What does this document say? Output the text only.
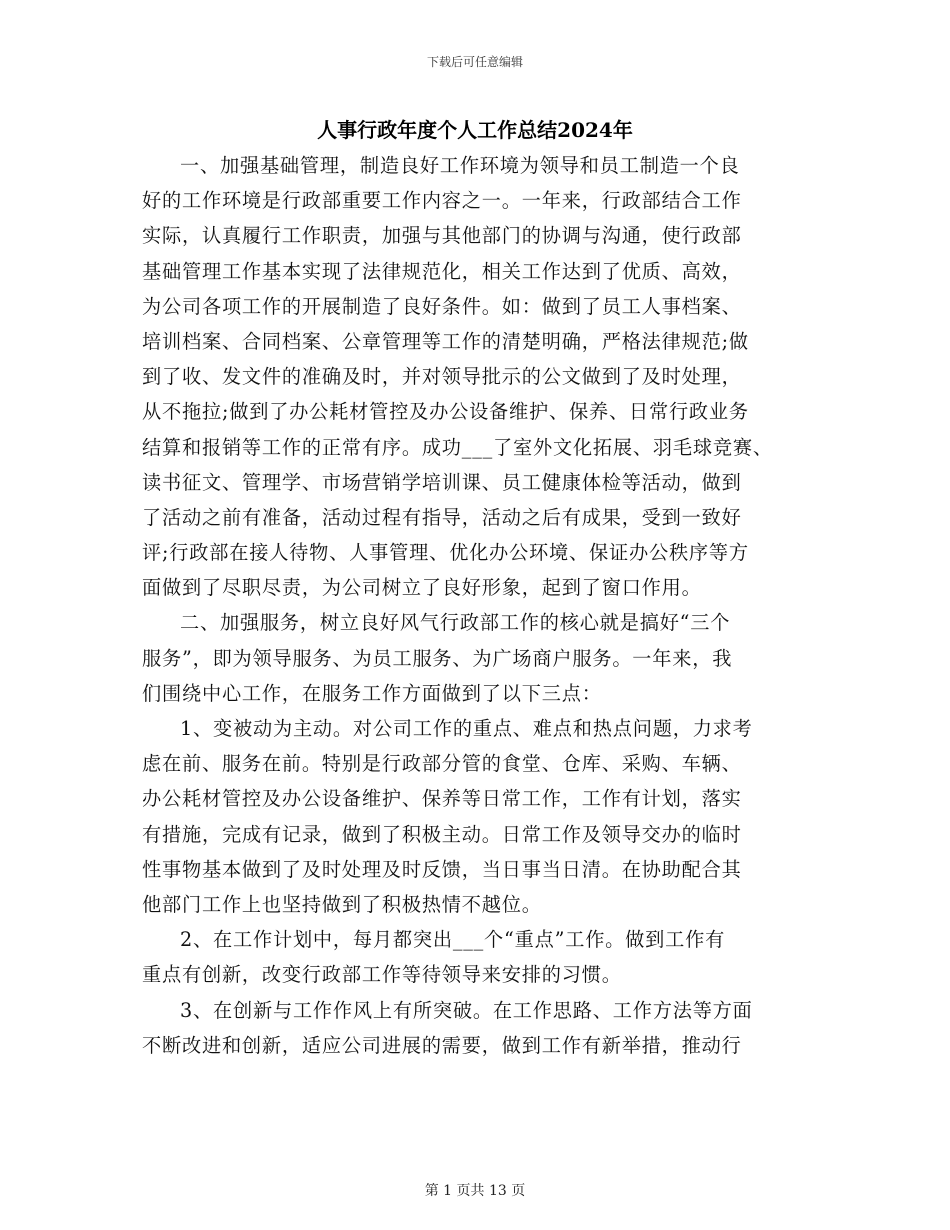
下载后可任意编辑
人事行政年度个人工作总结2024年
一、加强基础管理，制造良好工作环境为领导和员工制造一个良
好的工作环境是行政部重要工作内容之一。一年来，行政部结合工作
实际，认真履行工作职责，加强与其他部门的协调与沟通，使行政部
基础管理工作基本实现了法律规范化，相关工作达到了优质、高效，
为公司各项工作的开展制造了良好条件。如：做到了员工人事档案、
培训档案、合同档案、公章管理等工作的清楚明确，严格法律规范;做
到了收、发文件的准确及时，并对领导批示的公文做到了及时处理，
从不拖拉;做到了办公耗材管控及办公设备维护、保养、日常行政业务
结算和报销等工作的正常有序。成功___了室外文化拓展、羽毛球竞赛、
读书征文、管理学、市场营销学培训课、员工健康体检等活动，做到
了活动之前有准备，活动过程有指导，活动之后有成果，受到一致好
评;行政部在接人待物、人事管理、优化办公环境、保证办公秩序等方
面做到了尽职尽责，为公司树立了良好形象，起到了窗口作用。
二、加强服务，树立良好风气行政部工作的核心就是搞好“三个
服务”，即为领导服务、为员工服务、为广场商户服务。一年来，我
们围绕中心工作，在服务工作方面做到了以下三点：
1、变被动为主动。对公司工作的重点、难点和热点问题，力求考
虑在前、服务在前。特别是行政部分管的食堂、仓库、采购、车辆、
办公耗材管控及办公设备维护、保养等日常工作，工作有计划，落实
有措施，完成有记录，做到了积极主动。日常工作及领导交办的临时
性事物基本做到了及时处理及时反馈，当日事当日清。在协助配合其
他部门工作上也坚持做到了积极热情不越位。
2、在工作计划中，每月都突出___个“重点”工作。做到工作有
重点有创新，改变行政部工作等待领导来安排的习惯。
3、在创新与工作作风上有所突破。在工作思路、工作方法等方面
不断改进和创新，适应公司进展的需要，做到工作有新举措，推动行
第 1 页共 13 页
